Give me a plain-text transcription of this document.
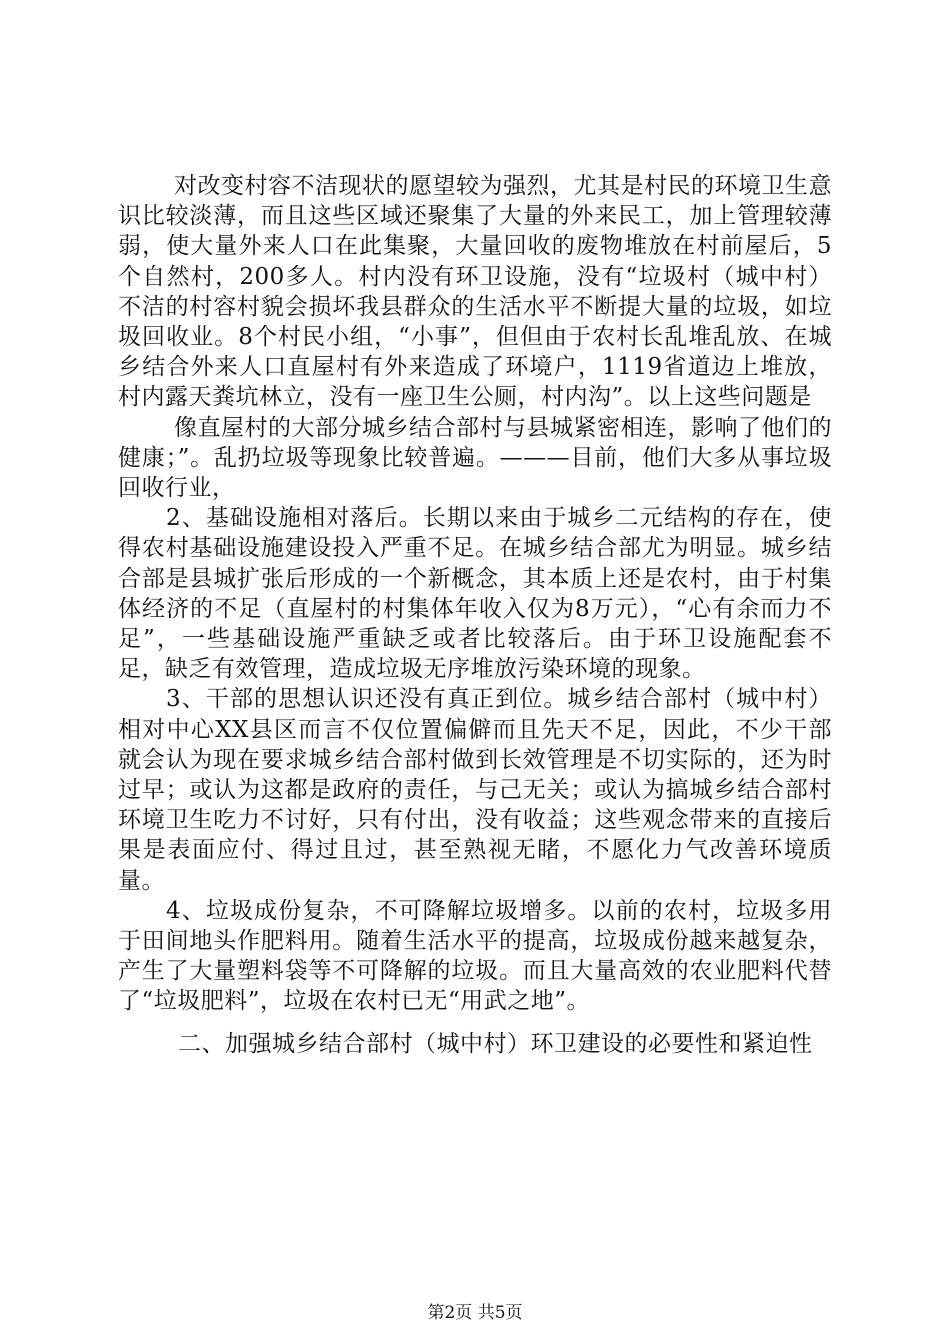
对改变村容不洁现状的愿望较为强烈，尤其是村民的环境卫生意识比较淡薄，而且这些区域还聚集了大量的外来民工，加上管理较薄弱，使大量外来人口在此集聚，大量回收的废物堆放在村前屋后，5个自然村，200多人。村内没有环卫设施，没有“垃圾村（城中村）不洁的村容村貌会损坏我县群众的生活水平不断提大量的垃圾，如垃圾回收业。8个村民小组，“小事”，但但由于农村长乱堆乱放、在城乡结合外来人口直屋村有外来造成了环境户，1119省道边上堆放，村内露天粪坑林立，没有一座卫生公厕，村内沟”。以上这些问题是

像直屋村的大部分城乡结合部村与县城紧密相连，影响了他们的健康；”。乱扔垃圾等现象比较普遍。———目前，他们大多从事垃圾回收行业，

2、基础设施相对落后。长期以来由于城乡二元结构的存在，使得农村基础设施建设投入严重不足。在城乡结合部尤为明显。城乡结合部是县城扩张后形成的一个新概念，其本质上还是农村，由于村集体经济的不足（直屋村的村集体年收入仅为8万元），“心有余而力不足”，一些基础设施严重缺乏或者比较落后。由于环卫设施配套不足，缺乏有效管理，造成垃圾无序堆放污染环境的现象。

3、干部的思想认识还没有真正到位。城乡结合部村（城中村）相对中心XX县区而言不仅位置偏僻而且先天不足，因此，不少干部就会认为现在要求城乡结合部村做到长效管理是不切实际的，还为时过早；或认为这都是政府的责任，与己无关；或认为搞城乡结合部村环境卫生吃力不讨好，只有付出，没有收益；这些观念带来的直接后果是表面应付、得过且过，甚至熟视无睹，不愿化力气改善环境质量。

4、垃圾成份复杂，不可降解垃圾增多。以前的农村，垃圾多用于田间地头作肥料用。随着生活水平的提高，垃圾成份越来越复杂，产生了大量塑料袋等不可降解的垃圾。而且大量高效的农业肥料代替了“垃圾肥料”，垃圾在农村已无“用武之地”。

二、加强城乡结合部村（城中村）环卫建设的必要性和紧迫性

第2页 共5页
